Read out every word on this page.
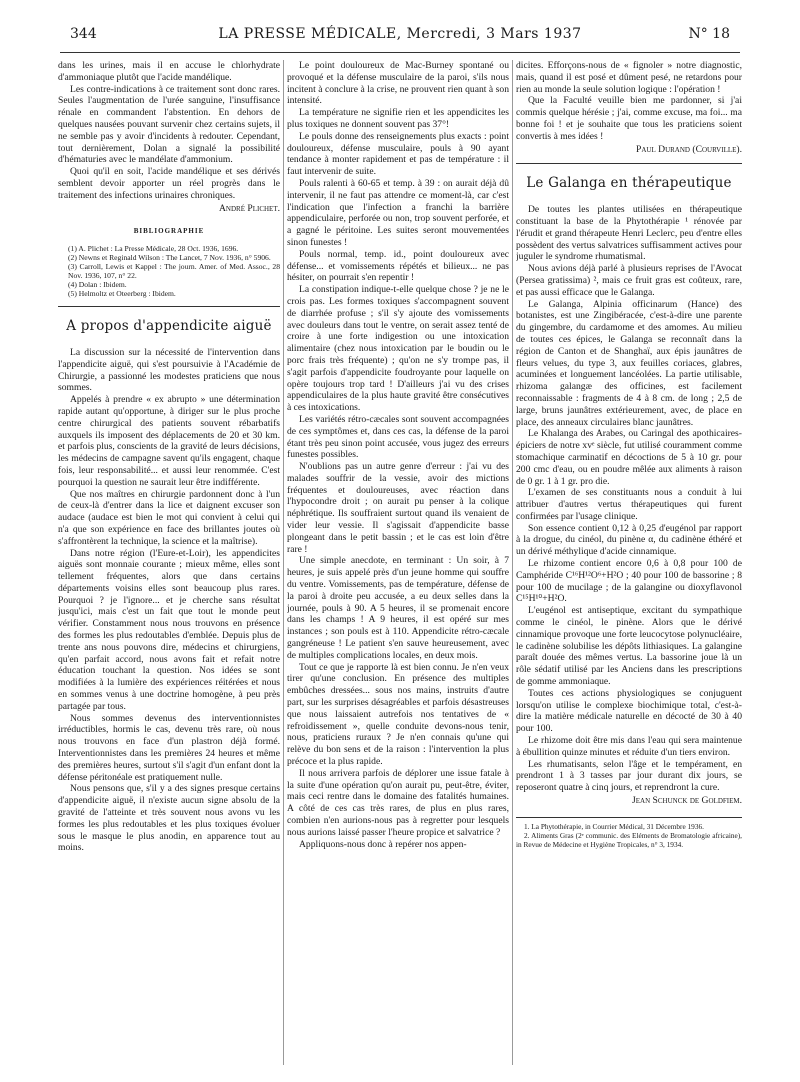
344	LA PRESSE MÉDICALE, Mercredi, 3 Mars 1937	N° 18

dans les urines, mais il en accuse le chlorhydrate d'ammoniaque plutôt que l'acide mandélique.

Les contre-indications à ce traitement sont donc rares. Seules l'augmentation de l'urée sanguine, l'insuffisance rénale en commandent l'abstention. En dehors de quelques nausées pouvant survenir chez certains sujets, il ne semble pas y avoir d'incidents à redouter. Cependant, tout dernièrement, Dolan a signalé la possibilité d'hématuries avec le mandélate d'ammonium.

Quoi qu'il en soit, l'acide mandélique et ses dérivés semblent devoir apporter un réel progrès dans le traitement des infections urinaires chroniques.

André Plichet.
BIBLIOGRAPHIE

(1) A. Plichet : La Presse Médicale, 28 Oct. 1936, 1696.

(2) Newns et Reginald Wilson : The Lancet, 7 Nov. 1936, n° 5906.

(3) Carroll, Lewis et Kappel : The journ. Amer. of Med. Assoc., 28 Nov. 1936, 107, n° 22.

(4) Dolan : Ibidem.

(5) Helmoltz et Oteerberg : Ibidem.

A propos d'appendicite aiguë

La discussion sur la nécessité de l'intervention dans l'appendicite aiguë, qui s'est poursuivie à l'Académie de Chirurgie, a passionné les modestes praticiens que nous sommes.

Appelés à prendre « ex abrupto » une détermination rapide autant qu'opportune, à diriger sur le plus proche centre chirurgical des patients souvent rébarbatifs auxquels ils imposent des déplacements de 20 et 30 km. et parfois plus, conscients de la gravité de leurs décisions, les médecins de campagne savent qu'ils engagent, chaque fois, leur responsabilité... et aussi leur renommée. C'est pourquoi la question ne saurait leur être indifférente.

Que nos maîtres en chirurgie pardonnent donc à l'un de ceux-là d'entrer dans la lice et daignent excuser son audace (audace est bien le mot qui convient à celui qui n'a que son expérience en face des brillantes joutes où s'affrontèrent la technique, la science et la maîtrise).

Dans notre région (l'Eure-et-Loir), les appendicites aiguës sont monnaie courante ; mieux même, elles sont tellement fréquentes, alors que dans certains départements voisins elles sont beaucoup plus rares. Pourquoi ? je l'ignore... et je cherche sans résultat jusqu'ici, mais c'est un fait que tout le monde peut vérifier. Constamment nous nous trouvons en présence des formes les plus redoutables d'emblée. Depuis plus de trente ans nous pouvons dire, médecins et chirurgiens, qu'en parfait accord, nous avons fait et refait notre éducation touchant la question. Nos idées se sont modifiées à la lumière des expériences réitérées et nous en sommes venus à une doctrine homogène, à peu près partagée par tous.

Nous sommes devenus des interventionnistes irréductibles, hormis le cas, devenu très rare, où nous nous trouvons en face d'un plastron déjà formé. Interventionnistes dans les premières 24 heures et même des premières heures, surtout s'il s'agit d'un enfant dont la défense péritonéale est pratiquement nulle.

Nous pensons que, s'il y a des signes presque certains d'appendicite aiguë, il n'existe aucun signe absolu de la gravité de l'atteinte et très souvent nous avons vu les formes les plus redoutables et les plus toxiques évoluer sous le masque le plus anodin, en apparence tout au moins.

Le point douloureux de Mac-Burney spontané ou provoqué et la défense musculaire de la paroi, s'ils nous incitent à conclure à la crise, ne prouvent rien quant à son intensité.

La température ne signifie rien et les appendicites les plus toxiques ne donnent souvent pas 37°!

Le pouls donne des renseignements plus exacts : point douloureux, défense musculaire, pouls à 90 ayant tendance à monter rapidement et pas de température : il faut intervenir de suite.

Pouls ralenti à 60-65 et temp. à 39 : on aurait déjà dû intervenir, il ne faut pas attendre ce moment-là, car c'est l'indication que l'infection a franchi la barrière appendiculaire, perforée ou non, trop souvent perforée, et a gagné le péritoine. Les suites seront mouvementées sinon funestes !

Pouls normal, temp. id., point douloureux avec défense... et vomissements répétés et bilieux... ne pas hésiter, on pourrait s'en repentir !

La constipation indique-t-elle quelque chose ? je ne le crois pas. Les formes toxiques s'accompagnent souvent de diarrhée profuse ; s'il s'y ajoute des vomissements avec douleurs dans tout le ventre, on serait assez tenté de croire à une forte indigestion ou une intoxication alimentaire (chez nous intoxication par le boudin ou le porc frais très fréquente) ; qu'on ne s'y trompe pas, il s'agit parfois d'appendicite foudroyante pour laquelle on opère toujours trop tard ! D'ailleurs j'ai vu des crises appendiculaires de la plus haute gravité être consécutives à ces intoxications.

Les variétés rétro-cæcales sont souvent accompagnées de ces symptômes et, dans ces cas, la défense de la paroi étant très peu sinon point accusée, vous jugez des erreurs funestes possibles.

N'oublions pas un autre genre d'erreur : j'ai vu des malades souffrir de la vessie, avoir des mictions fréquentes et douloureuses, avec réaction dans l'hypocondre droit ; on aurait pu penser à la colique néphrétique. Ils souffraient surtout quand ils venaient de vider leur vessie. Il s'agissait d'appendicite basse plongeant dans le petit bassin ; et le cas est loin d'être rare !

Une simple anecdote, en terminant : Un soir, à 7 heures, je suis appelé près d'un jeune homme qui souffre du ventre. Vomissements, pas de température, défense de la paroi à droite peu accusée, a eu deux selles dans la journée, pouls à 90. A 5 heures, il se promenait encore dans les champs ! A 9 heures, il est opéré sur mes instances ; son pouls est à 110. Appendicite rétro-cæcale gangréneuse ! Le patient s'en sauve heureusement, avec de multiples complications locales, en deux mois.

Tout ce que je rapporte là est bien connu. Je n'en veux tirer qu'une conclusion. En présence des multiples embûches dressées... sous nos mains, instruits d'autre part, sur les surprises désagréables et parfois désastreuses que nous laissaient autrefois nos tentatives de « refroidissement », quelle conduite devons-nous tenir, nous, praticiens ruraux ? Je n'en connais qu'une qui relève du bon sens et de la raison : l'intervention la plus précoce et la plus rapide.

Il nous arrivera parfois de déplorer une issue fatale à la suite d'une opération qu'on aurait pu, peut-être, éviter, mais ceci rentre dans le domaine des fatalités humaines. A côté de ces cas très rares, de plus en plus rares, combien n'en aurions-nous pas à regretter pour lesquels nous aurions laissé passer l'heure propice et salvatrice ?

Appliquons-nous donc à repérer nos appen-

dicites. Efforçons-nous de « fignoler » notre diagnostic, mais, quand il est posé et dûment pesé, ne retardons pour rien au monde la seule solution logique : l'opération !

Que la Faculté veuille bien me pardonner, si j'ai commis quelque hérésie ; j'ai, comme excuse, ma foi... ma bonne foi ! et je souhaite que tous les praticiens soient convertis à mes idées !

Paul Durand (Courville).
Le Galanga en thérapeutique

De toutes les plantes utilisées en thérapeutique constituant la base de la Phytothérapie ¹ rénovée par l'érudit et grand thérapeute Henri Leclerc, peu d'entre elles possèdent des vertus salvatrices suffisamment actives pour juguler le syndrome rhumatismal.

Nous avions déjà parlé à plusieurs reprises de l'Avocat (Persea gratissima) ², mais ce fruit gras est coûteux, rare, et pas aussi efficace que le Galanga.

Le Galanga, Alpinia officinarum (Hance) des botanistes, est une Zingibéracée, c'est-à-dire une parente du gingembre, du cardamome et des amomes. Au milieu de toutes ces épices, le Galanga se reconnaît dans la région de Canton et de Shanghaï, aux épis jaunâtres de fleurs velues, du type 3, aux feuilles coriaces, glabres, acuminées et longuement lancéolées. La partie utilisable, rhizoma galangæ des officines, est facilement reconnaissable : fragments de 4 à 8 cm. de long ; 2,5 de large, bruns jaunâtres extérieurement, avec, de place en place, des anneaux circulaires blanc jaunâtres.

Le Khalanga des Arabes, ou Caringal des apothicaires-épiciers de notre xvᵉ siècle, fut utilisé couramment comme stomachique carminatif en décoctions de 5 à 10 gr. pour 200 cmc d'eau, ou en poudre mêlée aux aliments à raison de 0 gr. 1 à 1 gr. pro die.

L'examen de ses constituants nous a conduit à lui attribuer d'autres vertus thérapeutiques qui furent confirmées par l'usage clinique.

Son essence contient 0,12 à 0,25 d'eugénol par rapport à la drogue, du cinéol, du pinène α, du cadinène éthéré et un dérivé méthylique d'acide cinnamique.

Le rhizome contient encore 0,6 à 0,8 pour 100 de Camphéride C¹⁶H¹²O⁶+H²O ; 40 pour 100 de bassorine ; 8 pour 100 de mucilage ; de la galangine ou dioxyflavonol C¹⁵H¹⁰+H²O.

L'eugénol est antiseptique, excitant du sympathique comme le cinéol, le pinène. Alors que le dérivé cinnamique provoque une forte leucocytose polynucléaire, le cadinène solubilise les dépôts lithiasiques. La galangine paraît douée des mêmes vertus. La bassorine joue là un rôle sédatif utilisé par les Anciens dans les prescriptions de gomme ammoniaque.

Toutes ces actions physiologiques se conjuguent lorsqu'on utilise le complexe biochimique total, c'est-à-dire la matière médicale naturelle en décocté de 30 à 40 pour 100.

Le rhizome doit être mis dans l'eau qui sera maintenue à ébullition quinze minutes et réduite d'un tiers environ.

Les rhumatisants, selon l'âge et le tempérament, en prendront 1 à 3 tasses par jour durant dix jours, se reposeront quatre à cinq jours, et reprendront la cure.

Jean Schunck de Goldfiem.

1. La Phytothérapie, in Courrier Médical, 31 Décembre 1936.

2. Aliments Gras (2ᵉ communic. des Eléments de Bromatologie africaine), in Revue de Médecine et Hygiène Tropicales, n° 3, 1934.
